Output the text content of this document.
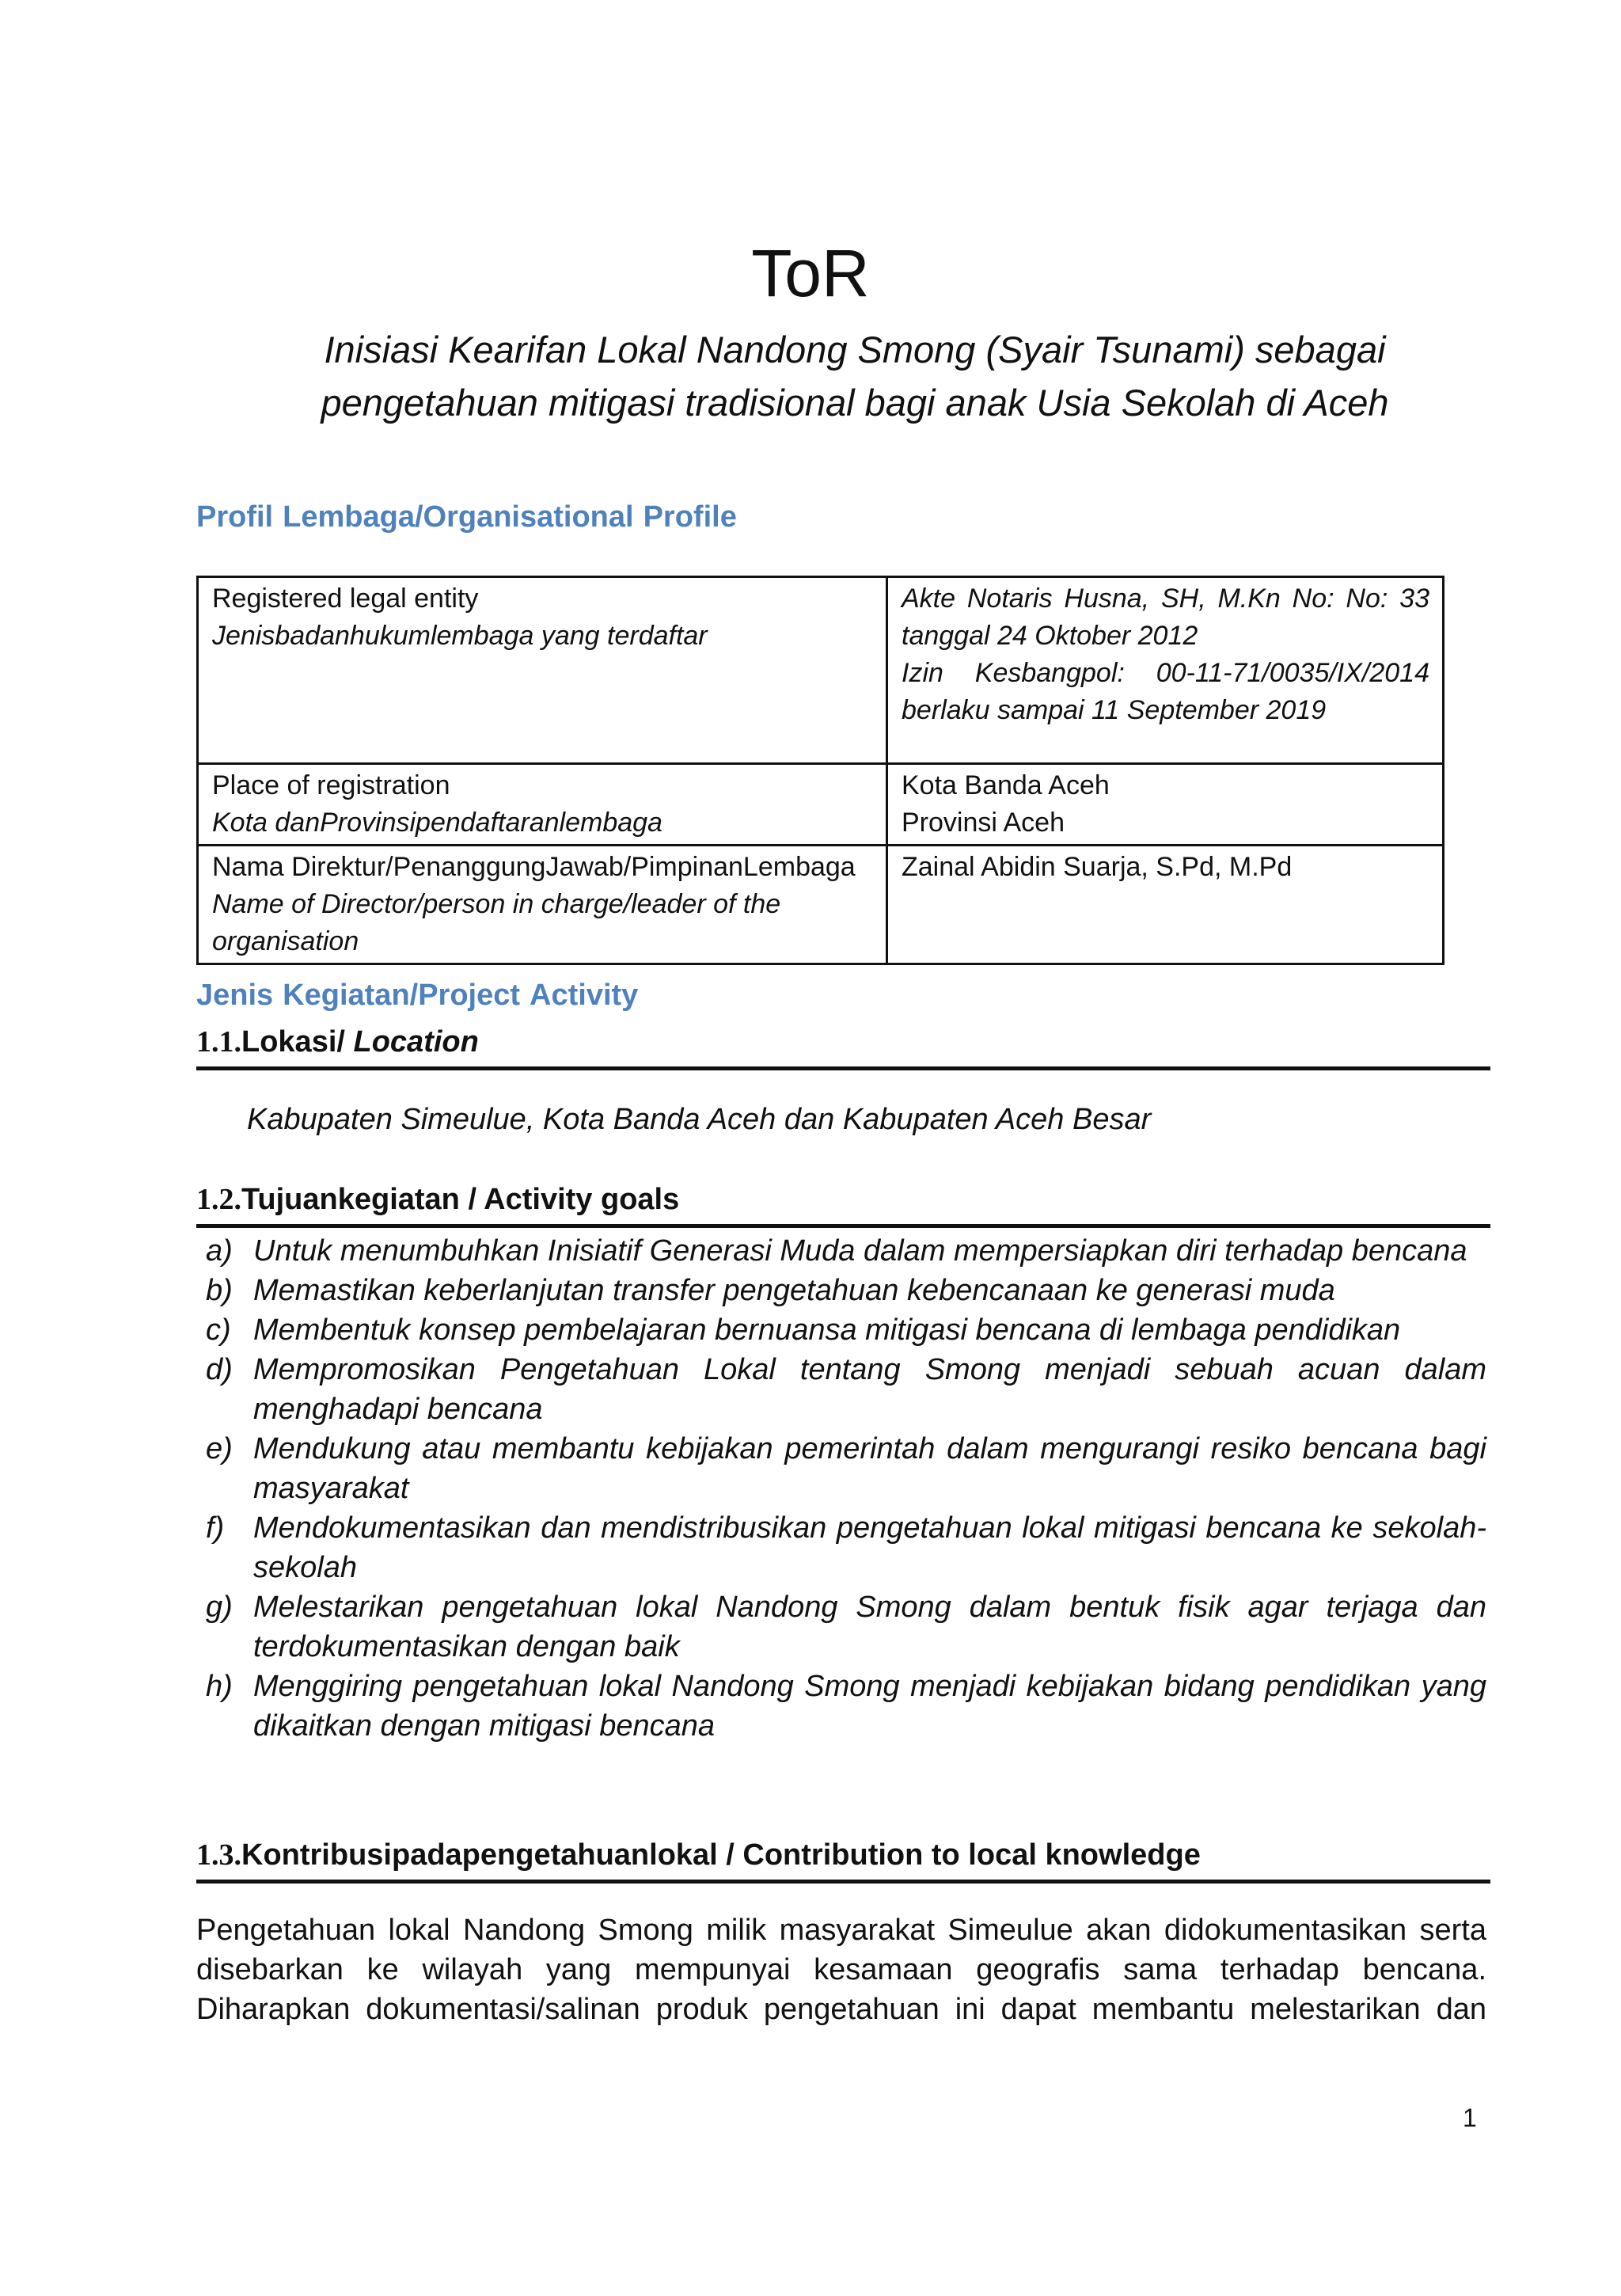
ToR
Inisiasi Kearifan Lokal Nandong Smong (Syair Tsunami) sebagai
pengetahuan mitigasi tradisional bagi anak Usia Sekolah di Aceh
Profil Lembaga/Organisational Profile
Registered legal entity
Jenisbadanhukumlembaga yang terdaftar	Akte Notaris Husna, SH, M.Kn No: No: 33
tanggal 24 Oktober 2012
Izin Kesbangpol: 00-11-71/0035/IX/2014
berlaku sampai 11 September 2019

Place of registration
Kota danProvinsipendaftaranlembaga	Kota Banda Aceh
Provinsi Aceh

Nama Direktur/PenanggungJawab/PimpinanLembaga
Name of Director/person in charge/leader of the organisation	Zainal Abidin Suarja, S.Pd, M.Pd
Jenis Kegiatan/Project Activity
1.1.Lokasi/ Location
Kabupaten Simeulue, Kota Banda Aceh dan Kabupaten Aceh Besar
1.2.Tujuankegiatan / Activity goals
a) Untuk menumbuhkan Inisiatif Generasi Muda dalam mempersiapkan diri terhadap bencana
b) Memastikan keberlanjutan transfer pengetahuan kebencanaan ke generasi muda
c) Membentuk konsep pembelajaran bernuansa mitigasi bencana di lembaga pendidikan
d) Mempromosikan Pengetahuan Lokal tentang Smong menjadi sebuah acuan dalam menghadapi bencana
e) Mendukung atau membantu kebijakan pemerintah dalam mengurangi resiko bencana bagi masyarakat
f) Mendokumentasikan dan mendistribusikan pengetahuan lokal mitigasi bencana ke sekolah-sekolah
g) Melestarikan pengetahuan lokal Nandong Smong dalam bentuk fisik agar terjaga dan terdokumentasikan dengan baik
h) Menggiring pengetahuan lokal Nandong Smong menjadi kebijakan bidang pendidikan yang dikaitkan dengan mitigasi bencana
1.3.Kontribusipadapengetahuanlokal / Contribution to local knowledge
Pengetahuan lokal Nandong Smong milik masyarakat Simeulue akan didokumentasikan serta disebarkan ke wilayah yang mempunyai kesamaan geografis sama terhadap bencana. Diharapkan dokumentasi/salinan produk pengetahuan ini dapat membantu melestarikan dan
1
